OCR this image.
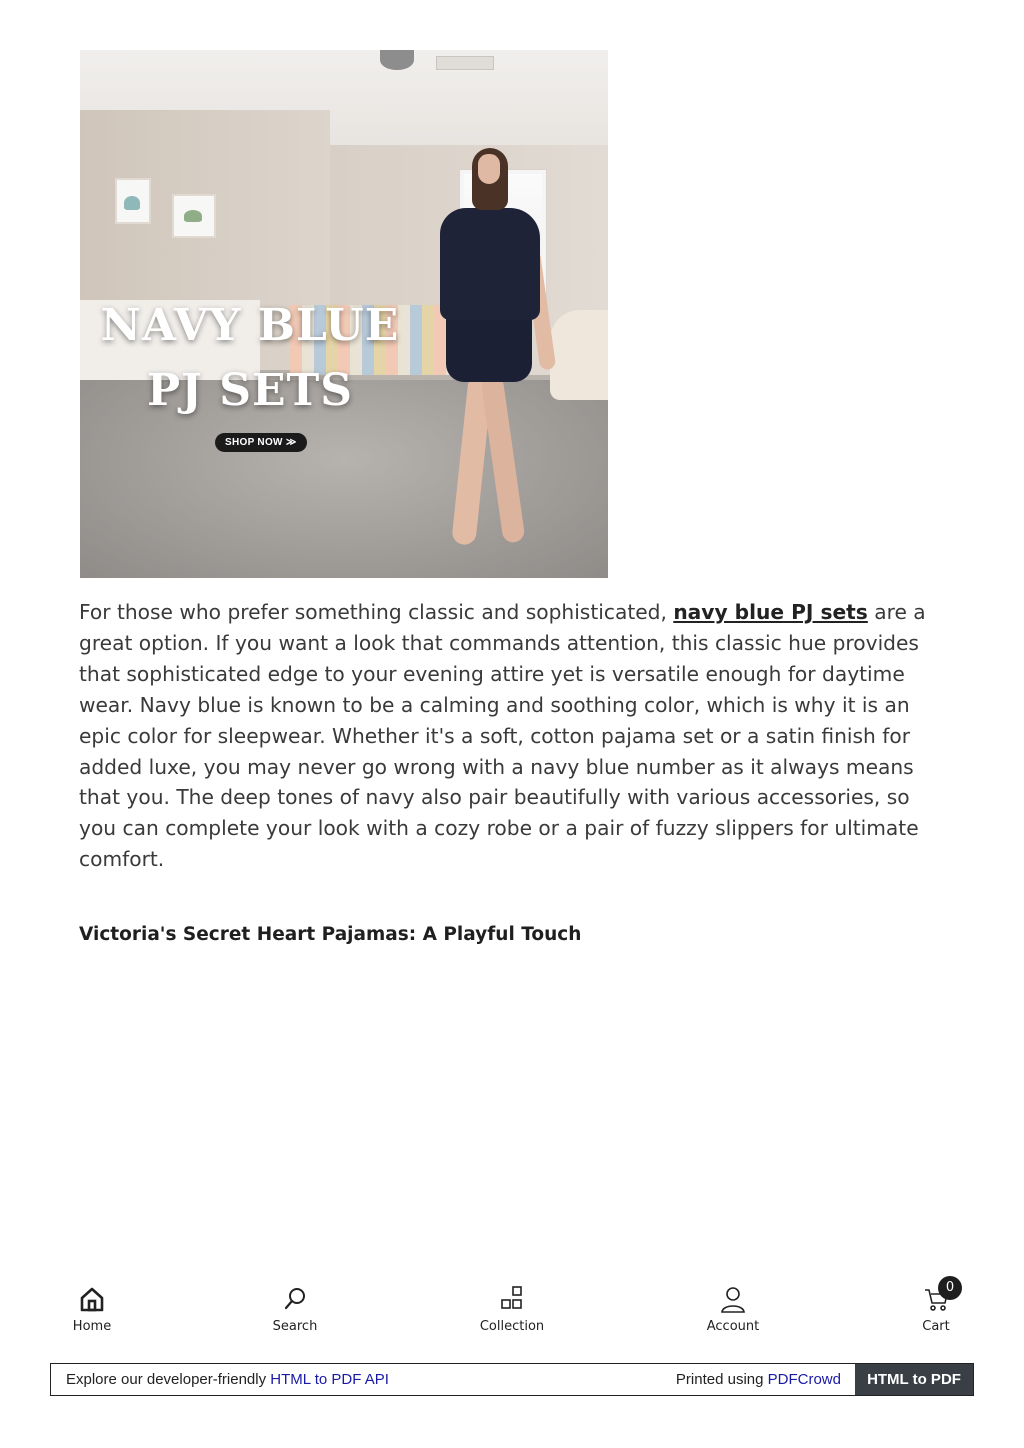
NAVY BLUE
PJ SETS
SHOP NOW ≫

For those who prefer something classic and sophisticated, navy blue PJ sets are a great option. If you want a look that commands attention, this classic hue provides that sophisticated edge to your evening attire yet is versatile enough for daytime wear. Navy blue is known to be a calming and soothing color, which is why it is an epic color for sleepwear. Whether it's a soft, cotton pajama set or a satin finish for added luxe, you may never go wrong with a navy blue number as it always means that you. The deep tones of navy also pair beautifully with various accessories, so you can complete your look with a cozy robe or a pair of fuzzy slippers for ultimate comfort.

Victoria's Secret Heart Pajamas: A Playful Touch
Home	Search	Collection	Account	Cart
0
Explore our developer-friendly HTML to PDF API	Printed using PDFCrowd	HTML to PDF
